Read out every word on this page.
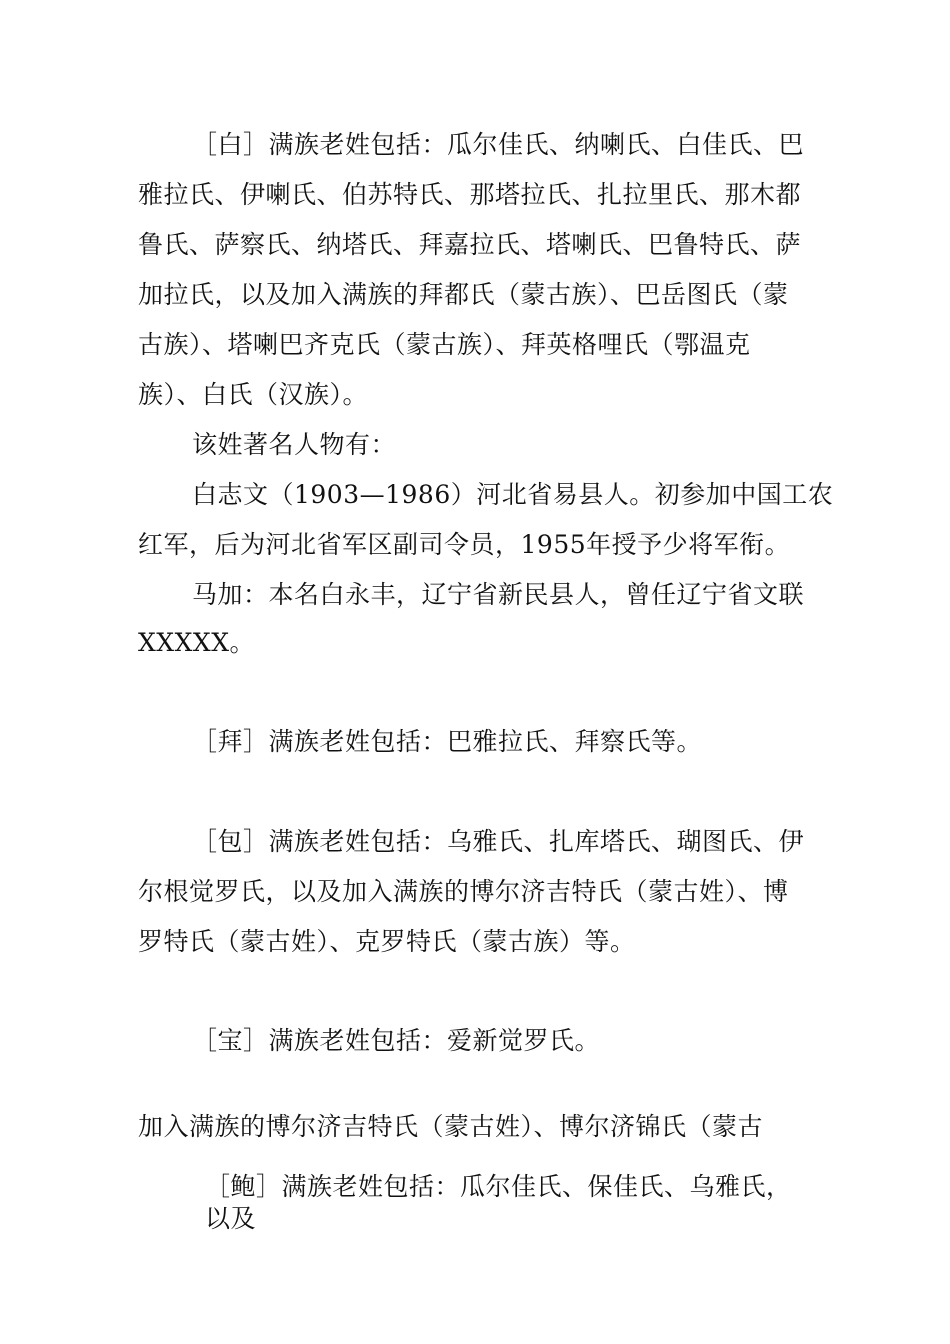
［白］满族老姓包括：瓜尔佳氏、纳喇氏、白佳氏、巴
雅拉氏、伊喇氏、伯苏特氏、那塔拉氏、扎拉里氏、那木都
鲁氏、萨察氏、纳塔氏、拜嘉拉氏、塔喇氏、巴鲁特氏、萨
加拉氏，以及加入满族的拜都氏（蒙古族）、巴岳图氏（蒙
古族）、塔喇巴齐克氏（蒙古族）、拜英格哩氏（鄂温克
族）、白氏（汉族）。
该姓著名人物有：
白志文（1903—1986）河北省易县人。初参加中国工农
红军，后为河北省军区副司令员，1955年授予少将军衔。
马加：本名白永丰，辽宁省新民县人，曾任辽宁省文联
XXXXX。
［拜］满族老姓包括：巴雅拉氏、拜察氏等。
［包］满族老姓包括：乌雅氏、扎库塔氏、瑚图氏、伊
尔根觉罗氏，以及加入满族的博尔济吉特氏（蒙古姓）、博
罗特氏（蒙古姓）、克罗特氏（蒙古族）等。
［宝］满族老姓包括：爱新觉罗氏。
加入满族的博尔济吉特氏（蒙古姓）、博尔济锦氏（蒙古
［鲍］满族老姓包括：瓜尔佳氏、保佳氏、乌雅氏，
以及
